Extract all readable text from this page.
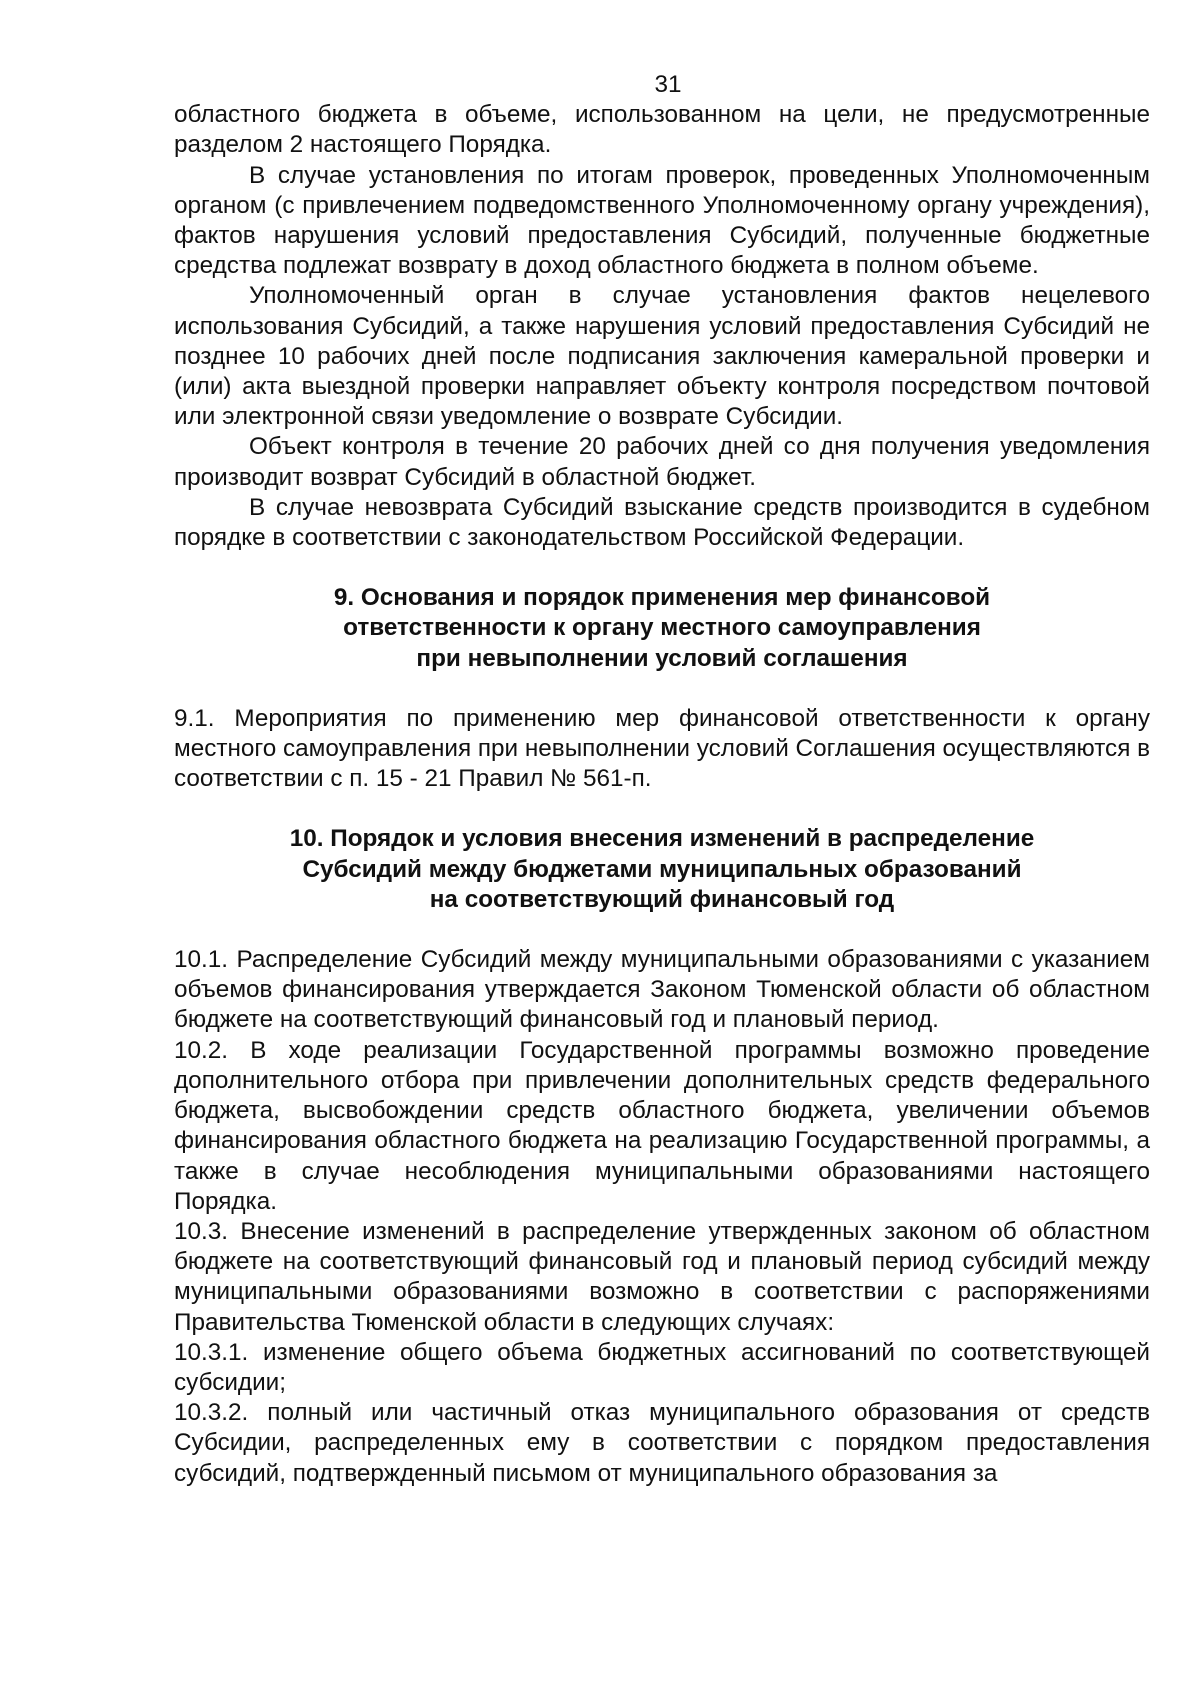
31

областного бюджета в объеме, использованном на цели, не предусмотренные разделом 2 настоящего Порядка.

В случае установления по итогам проверок, проведенных Уполномоченным органом (с привлечением подведомственного Уполномоченному органу учреждения), фактов нарушения условий предоставления Субсидий, полученные бюджетные средства подлежат возврату в доход областного бюджета в полном объеме.

Уполномоченный орган в случае установления фактов нецелевого использования Субсидий, а также нарушения условий предоставления Субсидий не позднее 10 рабочих дней после подписания заключения камеральной проверки и (или) акта выездной проверки направляет объекту контроля посредством почтовой или электронной связи уведомление о возврате Субсидии.

Объект контроля в течение 20 рабочих дней со дня получения уведомления производит возврат Субсидий в областной бюджет.

В случае невозврата Субсидий взыскание средств производится в судебном порядке в соответствии с законодательством Российской Федерации.

9. Основания и порядок применения мер финансовой

ответственности к органу местного самоуправления

при невыполнении условий соглашения

9.1. Мероприятия по применению мер финансовой ответственности к органу местного самоуправления при невыполнении условий Соглашения осуществляются в соответствии с п. 15 - 21 Правил № 561-п.

10. Порядок и условия внесения изменений в распределение

Субсидий между бюджетами муниципальных образований

на соответствующий финансовый год

10.1. Распределение Субсидий между муниципальными образованиями с указанием объемов финансирования утверждается Законом Тюменской области об областном бюджете на соответствующий финансовый год и плановый период.

10.2. В ходе реализации Государственной программы возможно проведение дополнительного отбора при привлечении дополнительных средств федерального бюджета, высвобождении средств областного бюджета, увеличении объемов финансирования областного бюджета на реализацию Государственной программы, а также в случае несоблюдения муниципальными образованиями настоящего Порядка.

10.3. Внесение изменений в распределение утвержденных законом об областном бюджете на соответствующий финансовый год и плановый период субсидий между муниципальными образованиями возможно в соответствии с распоряжениями Правительства Тюменской области в следующих случаях:

10.3.1. изменение общего объема бюджетных ассигнований по соответствующей субсидии;

10.3.2. полный или частичный отказ муниципального образования от средств Субсидии, распределенных ему в соответствии с порядком предоставления субсидий, подтвержденный письмом от муниципального образования за
